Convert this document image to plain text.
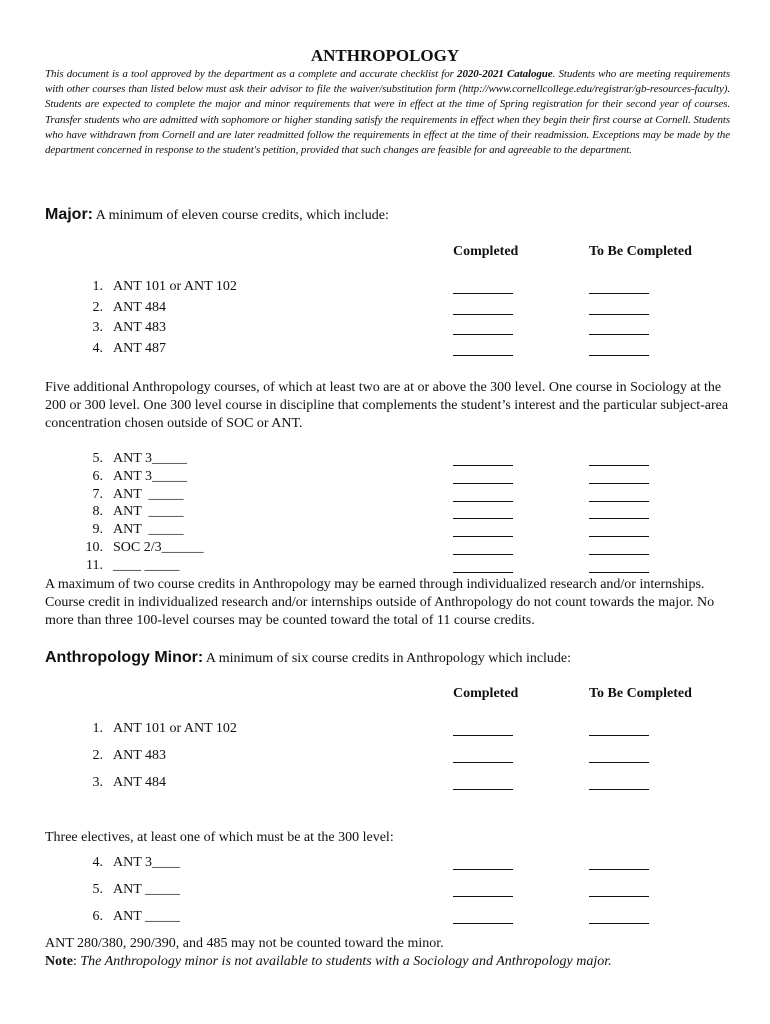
ANTHROPOLOGY
This document is a tool approved by the department as a complete and accurate checklist for 2020-2021 Catalogue. Students who are meeting requirements with other courses than listed below must ask their advisor to file the waiver/substitution form (http://www.cornellcollege.edu/registrar/gb-resources-faculty). Students are expected to complete the major and minor requirements that were in effect at the time of Spring registration for their second year of courses. Transfer students who are admitted with sophomore or higher standing satisfy the requirements in effect when they begin their first course at Cornell. Students who have withdrawn from Cornell and are later readmitted follow the requirements in effect at the time of their readmission. Exceptions may be made by the department concerned in response to the student's petition, provided that such changes are feasible for and agreeable to the department.
Major: A minimum of eleven course credits, which include:
Completed	To Be Completed
1. ANT 101 or ANT 102
2. ANT 484
3. ANT 483
4. ANT 487
Five additional Anthropology courses, of which at least two are at or above the 300 level. One course in Sociology at the 200 or 300 level. One 300 level course in discipline that complements the student’s interest and the particular subject-area concentration chosen outside of SOC or ANT.
5. ANT 3_____
6. ANT 3_____
7. ANT  _____
8. ANT  _____
9. ANT  _____
10. SOC 2/3______
11. ____ _____
A maximum of two course credits in Anthropology may be earned through individualized research and/or internships. Course credit in individualized research and/or internships outside of Anthropology do not count towards the major. No more than three 100-level courses may be counted toward the total of 11 course credits.
Anthropology Minor: A minimum of six course credits in Anthropology which include:
Completed	To Be Completed
1. ANT 101 or ANT 102
2. ANT 483
3. ANT 484
Three electives, at least one of which must be at the 300 level:
4. ANT 3____
5. ANT _____
6. ANT _____
ANT 280/380, 290/390, and 485 may not be counted toward the minor.
Note: The Anthropology minor is not available to students with a Sociology and Anthropology major.
